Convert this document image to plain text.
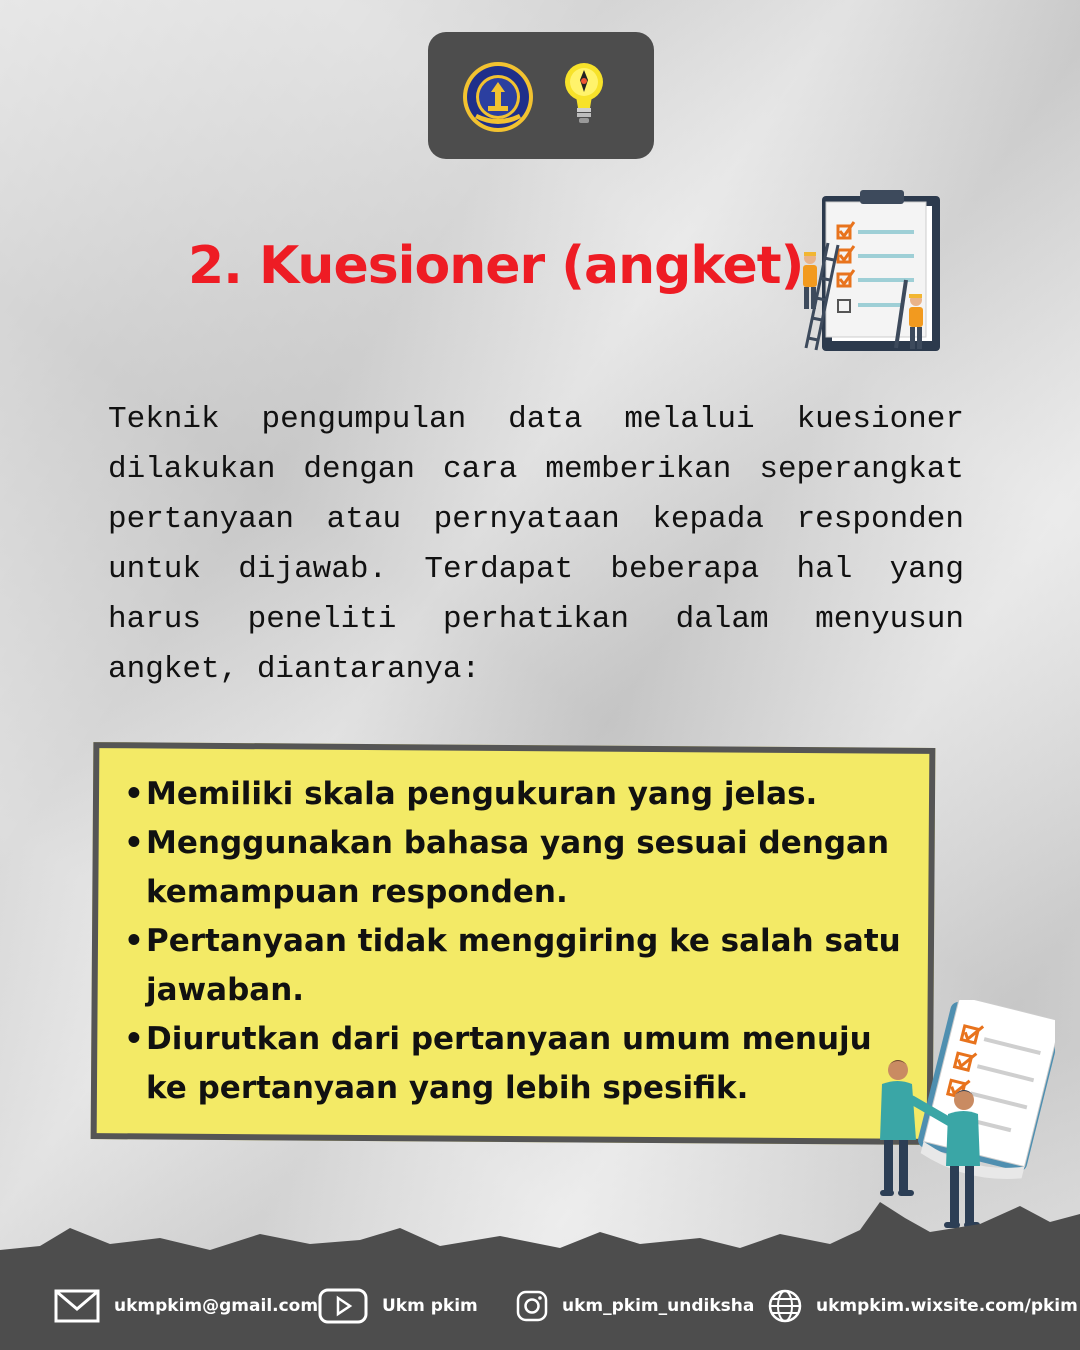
2. Kuesioner (angket)
Teknik pengumpulan data melalui kuesioner dilakukan dengan cara memberikan seperangkat pertanyaan atau pernyataan kepada responden untuk dijawab. Terdapat beberapa hal yang harus peneliti perhatikan dalam menyusun angket, diantaranya:
• Memiliki skala pengukuran yang jelas.
• Menggunakan bahasa yang sesuai dengan kemampuan responden.
• Pertanyaan tidak menggiring ke salah satu jawaban.
• Diurutkan dari pertanyaan umum menuju ke pertanyaan yang lebih spesifik.
ukmpkim@gmail.com	Ukm pkim	ukm_pkim_undiksha	ukmpkim.wixsite.com/pkim
